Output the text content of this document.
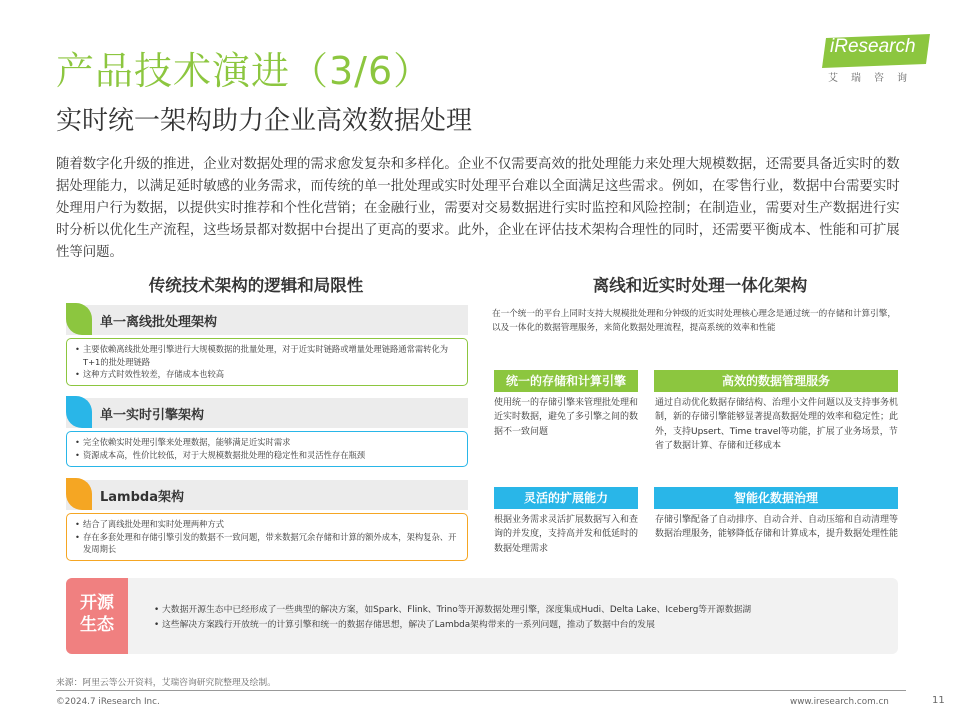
产品技术演进（3/6）
实时统一架构助力企业高效数据处理
iResearch
艾瑞咨询
随着数字化升级的推进，企业对数据处理的需求愈发复杂和多样化。企业不仅需要高效的批处理能力来处理大规模数据，还需要具备近实时的数据处理能力，以满足延时敏感的业务需求，而传统的单一批处理或实时处理平台难以全面满足这些需求。例如，在零售行业，数据中台需要实时处理用户行为数据，以提供实时推荐和个性化营销；在金融行业，需要对交易数据进行实时监控和风险控制；在制造业，需要对生产数据进行实时分析以优化生产流程，这些场景都对数据中台提出了更高的要求。此外，企业在评估技术架构合理性的同时，还需要平衡成本、性能和可扩展性等问题。
传统技术架构的逻辑和局限性	离线和近实时处理一体化架构
单一离线批处理架构
• 主要依赖离线批处理引擎进行大规模数据的批量处理，对于近实时链路或增量处理链路通常需转化为T+1的批处理链路
• 这种方式时效性较差，存储成本也较高
单一实时引擎架构
• 完全依赖实时处理引擎来处理数据，能够满足近实时需求
• 资源成本高，性价比较低，对于大规模数据批处理的稳定性和灵活性存在瓶颈
Lambda架构
• 结合了离线批处理和实时处理两种方式
• 存在多套处理和存储引擎引发的数据不一致问题，带来数据冗余存储和计算的额外成本，架构复杂、开发周期长
在一个统一的平台上同时支持大规模批处理和分钟级的近实时处理核心理念是通过统一的存储和计算引擎，以及一体化的数据管理服务，来简化数据处理流程，提高系统的效率和性能
统一的存储和计算引擎
使用统一的存储引擎来管理批处理和近实时数据，避免了多引擎之间的数据不一致问题
高效的数据管理服务
通过自动优化数据存储结构、治理小文件问题以及支持事务机制，新的存储引擎能够显著提高数据处理的效率和稳定性；此外，支持Upsert、Time travel等功能，扩展了业务场景，节省了数据计算、存储和迁移成本
灵活的扩展能力
根据业务需求灵活扩展数据写入和查询的并发度，支持高并发和低延时的数据处理需求
智能化数据治理
存储引擎配备了自动排序、自动合并、自动压缩和自动清理等数据治理服务，能够降低存储和计算成本，提升数据处理性能
开源
生态
• 大数据开源生态中已经形成了一些典型的解决方案，如Spark、Flink、Trino等开源数据处理引擎，深度集成Hudi、Delta Lake、Iceberg等开源数据湖
• 这些解决方案践行开放统一的计算引擎和统一的数据存储思想，解决了Lambda架构带来的一系列问题，推动了数据中台的发展
来源：阿里云等公开资料，艾瑞咨询研究院整理及绘制。
©2024.7 iResearch Inc.	www.iresearch.com.cn	11
